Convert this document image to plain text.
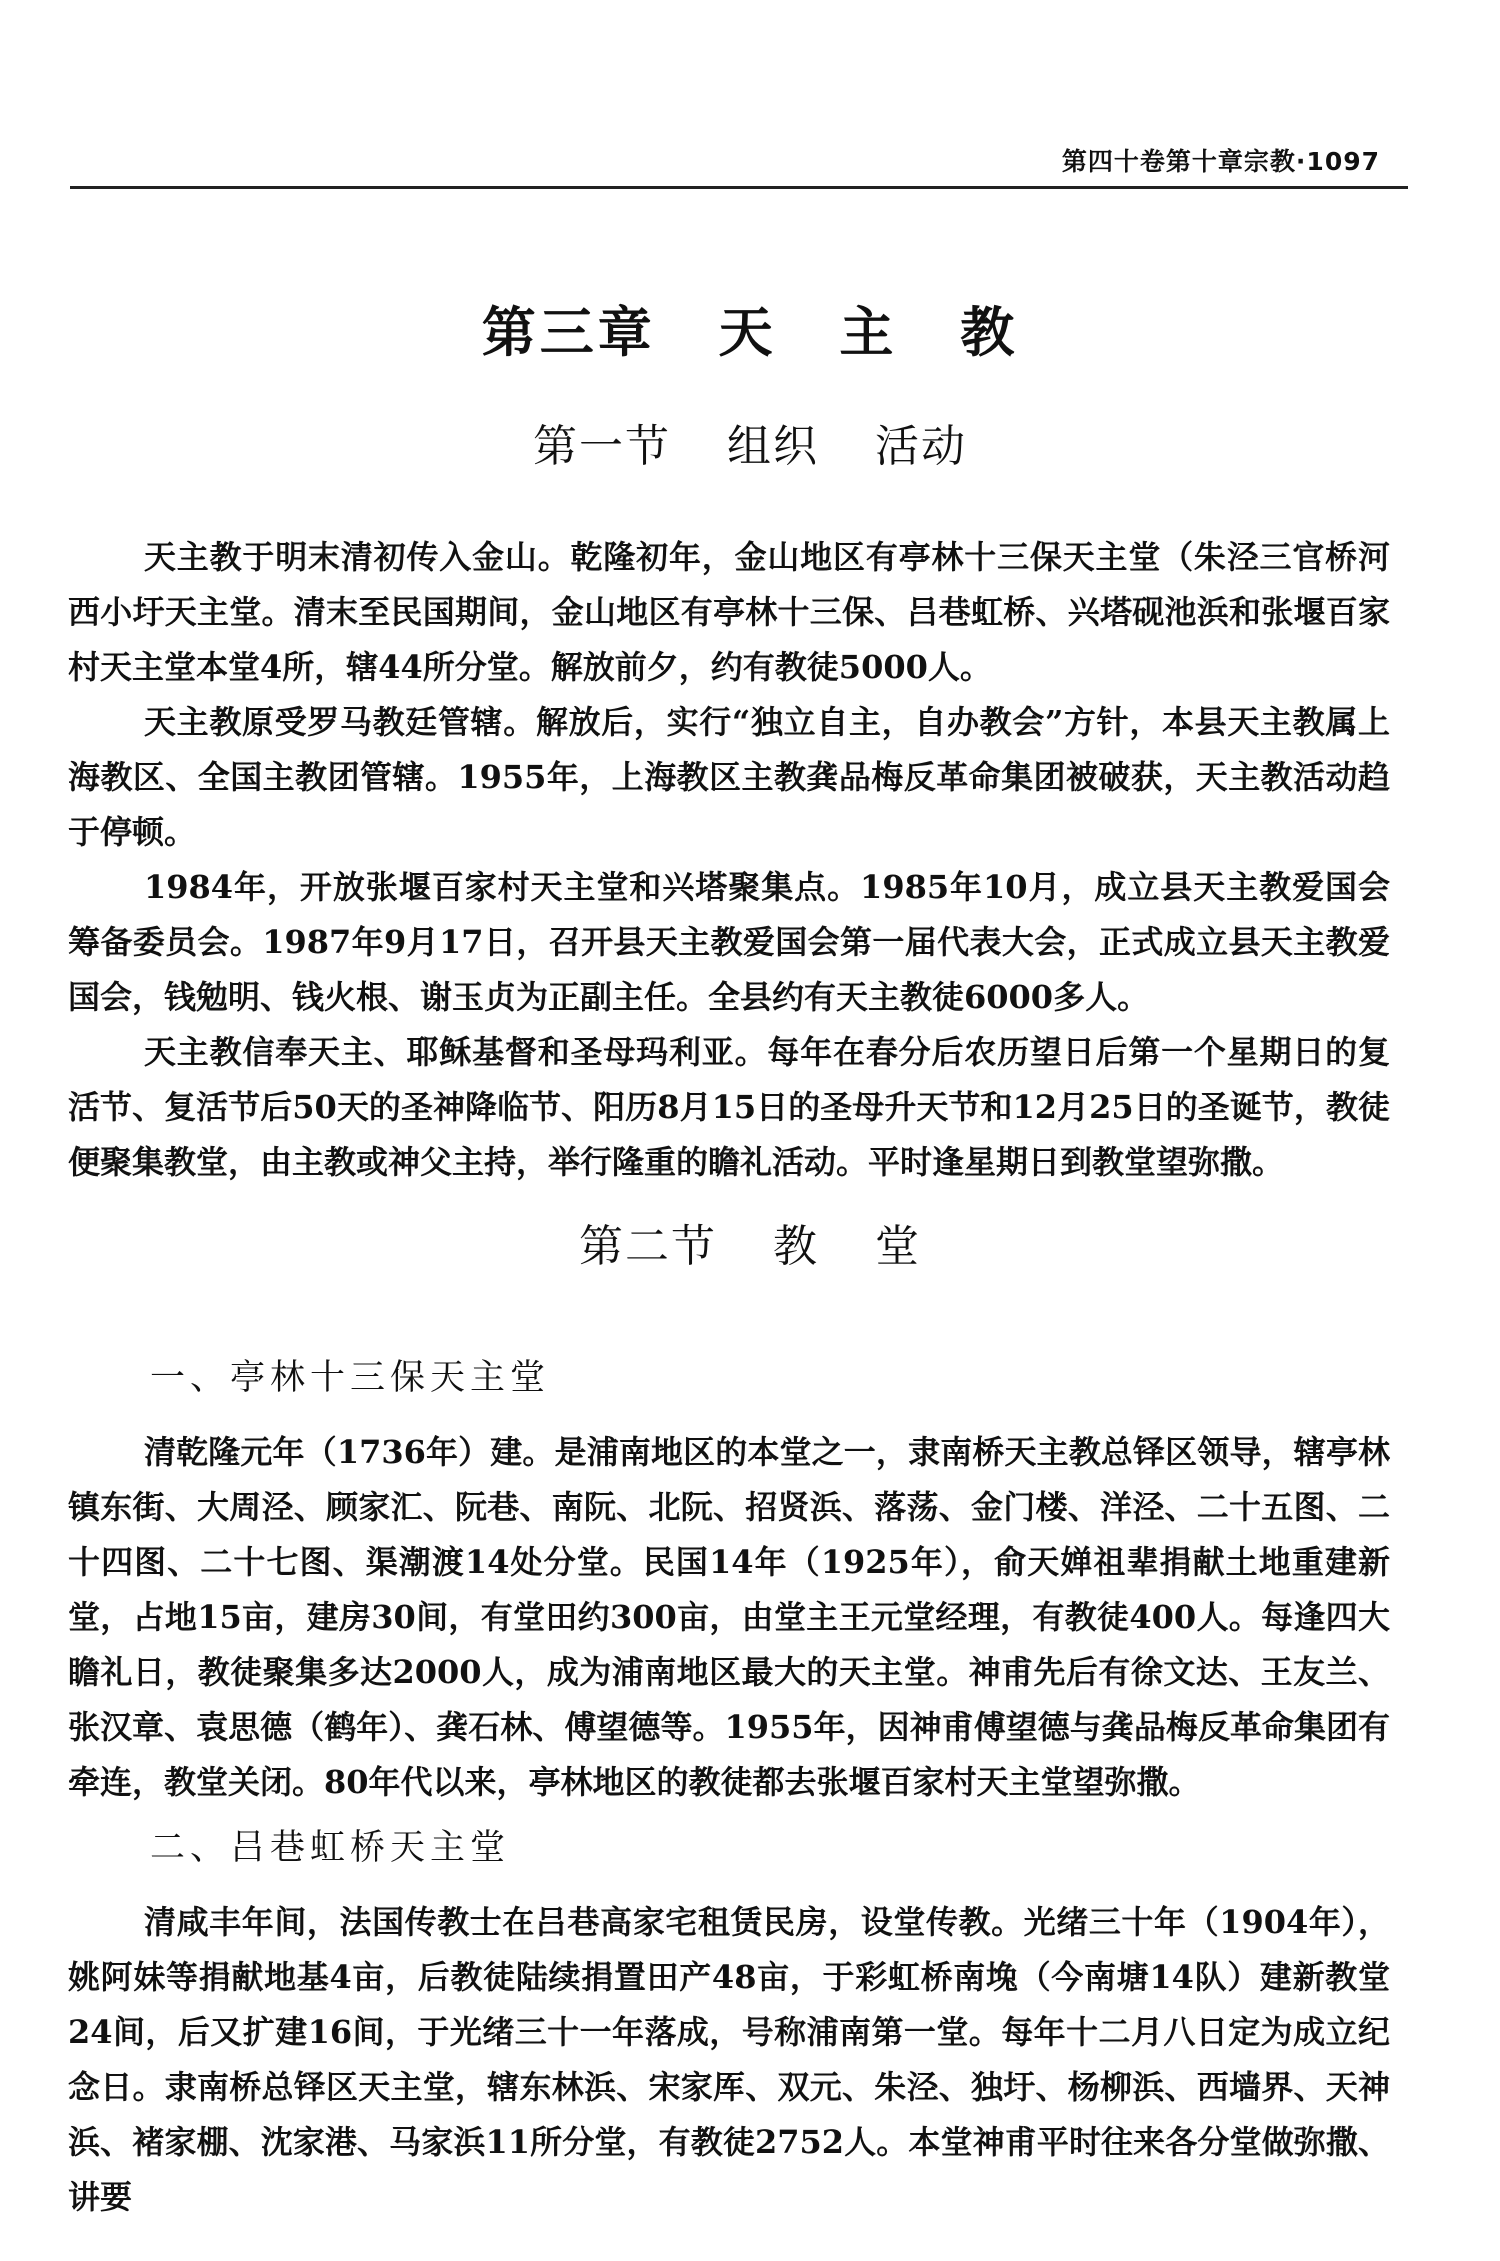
第四十卷第十章宗教·1097
第三章 天 主 教
第一节 组织 活动

天主教于明末清初传入金山。乾隆初年，金山地区有亭林十三保天主堂（朱泾三官桥河西小圩天主堂。清末至民国期间，金山地区有亭林十三保、吕巷虹桥、兴塔砚池浜和张堰百家村天主堂本堂4所，辖44所分堂。解放前夕，约有教徒5000人。

天主教原受罗马教廷管辖。解放后，实行“独立自主，自办教会”方针，本县天主教属上海教区、全国主教团管辖。1955年，上海教区主教龚品梅反革命集团被破获，天主教活动趋于停顿。

1984年，开放张堰百家村天主堂和兴塔聚集点。1985年10月，成立县天主教爱国会筹备委员会。1987年9月17日，召开县天主教爱国会第一届代表大会，正式成立县天主教爱国会，钱勉明、钱火根、谢玉贞为正副主任。全县约有天主教徒6000多人。

天主教信奉天主、耶稣基督和圣母玛利亚。每年在春分后农历望日后第一个星期日的复活节、复活节后50天的圣神降临节、阳历8月15日的圣母升天节和12月25日的圣诞节，教徒便聚集教堂，由主教或神父主持，举行隆重的瞻礼活动。平时逢星期日到教堂望弥撒。

第二节 教 堂
一、亭林十三保天主堂

清乾隆元年（1736年）建。是浦南地区的本堂之一，隶南桥天主教总铎区领导，辖亭林镇东街、大周泾、顾家汇、阮巷、南阮、北阮、招贤浜、落荡、金门楼、洋泾、二十五图、二十四图、二十七图、渠潮渡14处分堂。民国14年（1925年），俞天婵祖辈捐献土地重建新堂，占地15亩，建房30间，有堂田约300亩，由堂主王元堂经理，有教徒400人。每逢四大瞻礼日，教徒聚集多达2000人，成为浦南地区最大的天主堂。神甫先后有徐文达、王友兰、张汉章、袁思德（鹤年）、龚石林、傅望德等。1955年，因神甫傅望德与龚品梅反革命集团有牵连，教堂关闭。80年代以来，亭林地区的教徒都去张堰百家村天主堂望弥撒。

二、吕巷虹桥天主堂

清咸丰年间，法国传教士在吕巷高家宅租赁民房，设堂传教。光绪三十年（1904年），姚阿妹等捐献地基4亩，后教徒陆续捐置田产48亩，于彩虹桥南堍（今南塘14队）建新教堂24间，后又扩建16间，于光绪三十一年落成，号称浦南第一堂。每年十二月八日定为成立纪念日。隶南桥总铎区天主堂，辖东林浜、宋家厍、双元、朱泾、独圩、杨柳浜、西墙界、天神浜、褚家棚、沈家港、马家浜11所分堂，有教徒2752人。本堂神甫平时往来各分堂做弥撒、讲要
